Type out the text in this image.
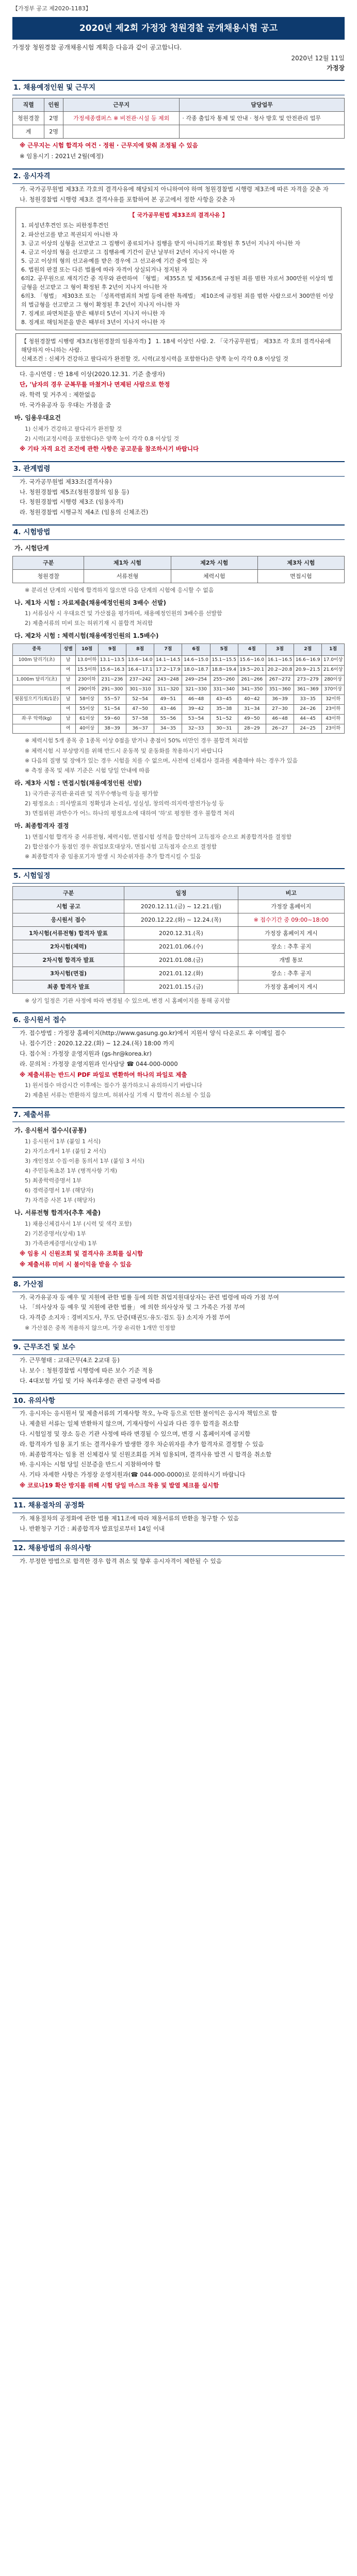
【가정부 공고 제2020-1183】
2020년 제2회 가정장 청원경찰 공개채용시험 공고
가정장 청원경찰 공개채용시험 계획을 다음과 같이 공고합니다.
2020년 12월 11일
가정장
1. 채용예정인원 및 근무지
직렬	인원	근무지	담당업무
청원경찰	2명	가정세종캠퍼스 ※ 비전관·시설 등 제외	· 각종 출입자 통제 및 안내 · 청사 방호 및 안전관리 업무
계	2명		
※ 근무지는 시험 합격자 여건 · 정원 · 근무지에 맞춰 조정될 수 있음
※ 임용시기 : 2021년 2월(예정)
2. 응시자격
가. 국가공무원법 제33조 각호의 결격사유에 해당되지 아니하여야 하며 청원경찰법 시행령 제3조에 따른 자격을 갖춘 자
나. 청원경찰법 시행령 제3조 결격사유를 포함하여 본 공고에서 정한 사항을 갖춘 자
【 국가공무원법 제33조의 결격사유 】
1. 피성년후견인 또는 피한정후견인
2. 파산선고를 받고 복권되지 아니한 자
3. 금고 이상의 실형을 선고받고 그 집행이 종료되거나 집행을 받지 아니하기로 확정된 후 5년이 지나지 아니한 자
4. 금고 이상의 형을 선고받고 그 집행유예 기간이 끝난 날부터 2년이 지나지 아니한 자
5. 금고 이상의 형의 선고유예를 받은 경우에 그 선고유예 기간 중에 있는 자
6. 법원의 판결 또는 다른 법률에 따라 자격이 상실되거나 정지된 자
6의2. 공무원으로 재직기간 중 직무와 관련하여 「형법」 제355조 및 제356조에 규정된 죄를 범한 자로서 300만원 이상의 벌금형을 선고받고 그 형이 확정된 후 2년이 지나지 아니한 자
6의3. 「형법」 제303조 또는 「성폭력범죄의 처벌 등에 관한 특례법」 제10조에 규정된 죄를 범한 사람으로서 300만원 이상의 벌금형을 선고받고 그 형이 확정된 후 2년이 지나지 아니한 자
7. 징계로 파면처분을 받은 때부터 5년이 지나지 아니한 자
8. 징계로 해임처분을 받은 때부터 3년이 지나지 아니한 자
【 청원경찰법 시행령 제3조(청원경찰의 임용자격) 】 1. 18세 이상인 사람. 2. 「국가공무원법」 제33조 각 호의 결격사유에 해당하지 아니하는 사람.
신체조건 : 신체가 건강하고 팔다리가 완전할 것, 시력(교정시력을 포함한다)은 양쪽 눈이 각각 0.8 이상일 것
다. 응시연령 : 만 18세 이상(2020.12.31. 기준 출생자)
단, '남자의 경우 군복무를 마쳤거나 면제된 사람으로 한정
라. 학력 및 거주지 : 제한없음
마. 국가유공자 등 우대는 가점을 줌
바. 임용우대요건
1) 신체가 건강하고 팔다리가 완전할 것
2) 시력(교정시력을 포함한다)은 양쪽 눈이 각각 0.8 이상일 것
※ 기타 자격 요건 조건에 관한 사항은 공고문을 참조하시기 바랍니다
3. 관계법령
가. 국가공무원법 제33조(결격사유)
나. 청원경찰법 제5조(청원경찰의 임용 등)
다. 청원경찰법 시행령 제3조 (임용자격)
라. 청원경찰법 시행규칙 제4조 (임용의 신체조건)
4. 시험방법
가. 시험단계
구분	제1차 시험	제2차 시험	제3차 시험
청원경찰	서류전형	체력시험	면접시험
※ 분리선 단계의 시험에 합격하지 않으면 다음 단계의 시험에 응시할 수 없음
나. 제1차 시험 : 자료제출(채용예정인원의 3배수 선발)
1) 서류심사 시 우대요건 및 가산점을 평가하며, 채용예정인원의 3배수를 선발함
2) 제출서류의 미비 또는 허위기재 시 불합격 처리함
다. 제2차 시험 : 체력시험(채용예정인원의 1.5배수)
종목	성별	10점	9점	8점	7점	6점	5점	4점	3점	2점	1점
100m 달리기(초)	남	13.0이하	13.1~13.5	13.6~14.0	14.1~14.5	14.6~15.0	15.1~15.5	15.6~16.0	16.1~16.5	16.6~16.9	17.0이상
	여	15.5이하	15.6~16.3	16.4~17.1	17.2~17.9	18.0~18.7	18.8~19.4	19.5~20.1	20.2~20.8	20.9~21.5	21.6이상
1,000m 달리기(초)	남	230이하	231~236	237~242	243~248	249~254	255~260	261~266	267~272	273~279	280이상
	여	290이하	291~300	301~310	311~320	321~330	331~340	341~350	351~360	361~369	370이상
윗몸일으키기(회/1분)	남	58이상	55~57	52~54	49~51	46~48	43~45	40~42	36~39	33~35	32이하
	여	55이상	51~54	47~50	43~46	39~42	35~38	31~34	27~30	24~26	23이하
좌·우 악력(kg)	남	61이상	59~60	57~58	55~56	53~54	51~52	49~50	46~48	44~45	43이하
	여	40이상	38~39	36~37	34~35	32~33	30~31	28~29	26~27	24~25	23이하
※ 체력시험 5개 종목 중 1종목 이상 0점을 받거나 총점이 50% 미만인 경우 불합격 처리함
※ 체력시험 시 부상방지를 위해 반드시 운동복 및 운동화를 착용하시기 바랍니다
※ 다음의 질병 및 장애가 있는 경우 시험을 치를 수 없으며, 사전에 신체검사 결과를 제출해야 하는 경우가 있음
※ 측정 종목 및 세부 기준은 시험 당일 안내에 따름
라. 제3차 시험 : 면접시험(채용예정인원 선발)
1) 국가관·공직관·윤리관 및 직무수행능력 등을 평가함
2) 평정요소 : 의사발표의 정확성과 논리성, 성실성, 창의력·의지력·발전가능성 등
3) 면접위원 과반수가 어느 하나의 평정요소에 대하여 '하'로 평정한 경우 불합격 처리
마. 최종합격자 결정
1) 면접시험 합격자 중 서류전형, 체력시험, 면접시험 성적을 합산하여 고득점자 순으로 최종합격자를 결정함
2) 합산점수가 동점인 경우 취업보호대상자, 면접시험 고득점자 순으로 결정함
※ 최종합격자 중 임용포기자 발생 시 차순위자를 추가 합격시킬 수 있음
5. 시험일정
구분	일정	비고
시험 공고	2020.12.11.(금) ~ 12.21.(월)	가정장 홈페이지
응시원서 접수	2020.12.22.(화) ~ 12.24.(목)	※ 접수기간 중 09:00~18:00
1차시험(서류전형) 합격자 발표	2020.12.31.(목)	가정장 홈페이지 게시
2차시험(체력)	2021.01.06.(수)	장소 : 추후 공지
2차시험 합격자 발표	2021.01.08.(금)	개별 통보
3차시험(면접)	2021.01.12.(화)	장소 : 추후 공지
최종 합격자 발표	2021.01.15.(금)	가정장 홈페이지 게시
※ 상기 일정은 기관 사정에 따라 변경될 수 있으며, 변경 시 홈페이지를 통해 공지함
6. 응시원서 접수
가. 접수방법 : 가정장 홈페이지(http://www.gasung.go.kr)에서 지원서 양식 다운로드 후 이메일 접수
나. 접수기간 : 2020.12.22.(화) ~ 12.24.(목) 18:00 까지
다. 접수처 : 가정장 운영지원과 (gs-hr@korea.kr)
라. 문의처 : 가정장 운영지원과 인사담당 ☎ 044-000-0000
※ 제출서류는 반드시 PDF 파일로 변환하여 하나의 파일로 제출
1) 원서접수 마감시간 이후에는 접수가 불가하오니 유의하시기 바랍니다
2) 제출된 서류는 반환하지 않으며, 허위사실 기재 시 합격이 취소될 수 있음
7. 제출서류
가. 응시원서 접수시(공통)
1) 응시원서 1부 (붙임 1 서식)
2) 자기소개서 1부 (붙임 2 서식)
3) 개인정보 수집·이용 동의서 1부 (붙임 3 서식)
4) 주민등록초본 1부 (병적사항 기재)
5) 최종학력증명서 1부
6) 경력증명서 1부 (해당자)
7) 자격증 사본 1부 (해당자)
나. 서류전형 합격자(추후 제출)
1) 채용신체검사서 1부 (시력 및 색각 포함)
2) 기본증명서(상세) 1부
3) 가족관계증명서(상세) 1부
※ 임용 시 신원조회 및 결격사유 조회를 실시함
※ 제출서류 미비 시 불이익을 받을 수 있음
8. 가산점
가. 국가유공자 등 예우 및 지원에 관한 법률 등에 의한 취업지원대상자는 관련 법령에 따라 가점 부여
나. 「의사상자 등 예우 및 지원에 관한 법률」 에 의한 의사상자 및 그 가족은 가점 부여
다. 자격증 소지자 : 경비지도사, 무도 단증(태권도·유도·검도 등) 소지자 가점 부여
※ 가산점은 중복 적용하지 않으며, 가장 유리한 1개만 인정함
9. 근무조건 및 보수
가. 근무형태 : 교대근무(4조 2교대 등)
나. 보수 : 청원경찰법 시행령에 따른 보수 기준 적용
다. 4대보험 가입 및 기타 복리후생은 관련 규정에 따름
10. 유의사항
가. 응시자는 응시원서 및 제출서류의 기재사항 착오, 누락 등으로 인한 불이익은 응시자 책임으로 함
나. 제출된 서류는 일체 반환하지 않으며, 기재사항이 사실과 다른 경우 합격을 취소함
다. 시험일정 및 장소 등은 기관 사정에 따라 변경될 수 있으며, 변경 시 홈페이지에 공지함
라. 합격자가 임용 포기 또는 결격사유가 발생한 경우 차순위자를 추가 합격자로 결정할 수 있음
마. 최종합격자는 임용 전 신체검사 및 신원조회를 거쳐 임용되며, 결격사유 발견 시 합격을 취소함
바. 응시자는 시험 당일 신분증을 반드시 지참하여야 함
사. 기타 자세한 사항은 가정장 운영지원과(☎ 044-000-0000)로 문의하시기 바랍니다
※ 코로나19 확산 방지를 위해 시험 당일 마스크 착용 및 발열 체크를 실시함
11. 채용절차의 공정화
가. 채용절차의 공정화에 관한 법률 제11조에 따라 채용서류의 반환을 청구할 수 있음
나. 반환청구 기간 : 최종합격자 발표일로부터 14일 이내
12. 채용방법의 유의사항
가. 부정한 방법으로 합격한 경우 합격 취소 및 향후 응시자격이 제한될 수 있음
